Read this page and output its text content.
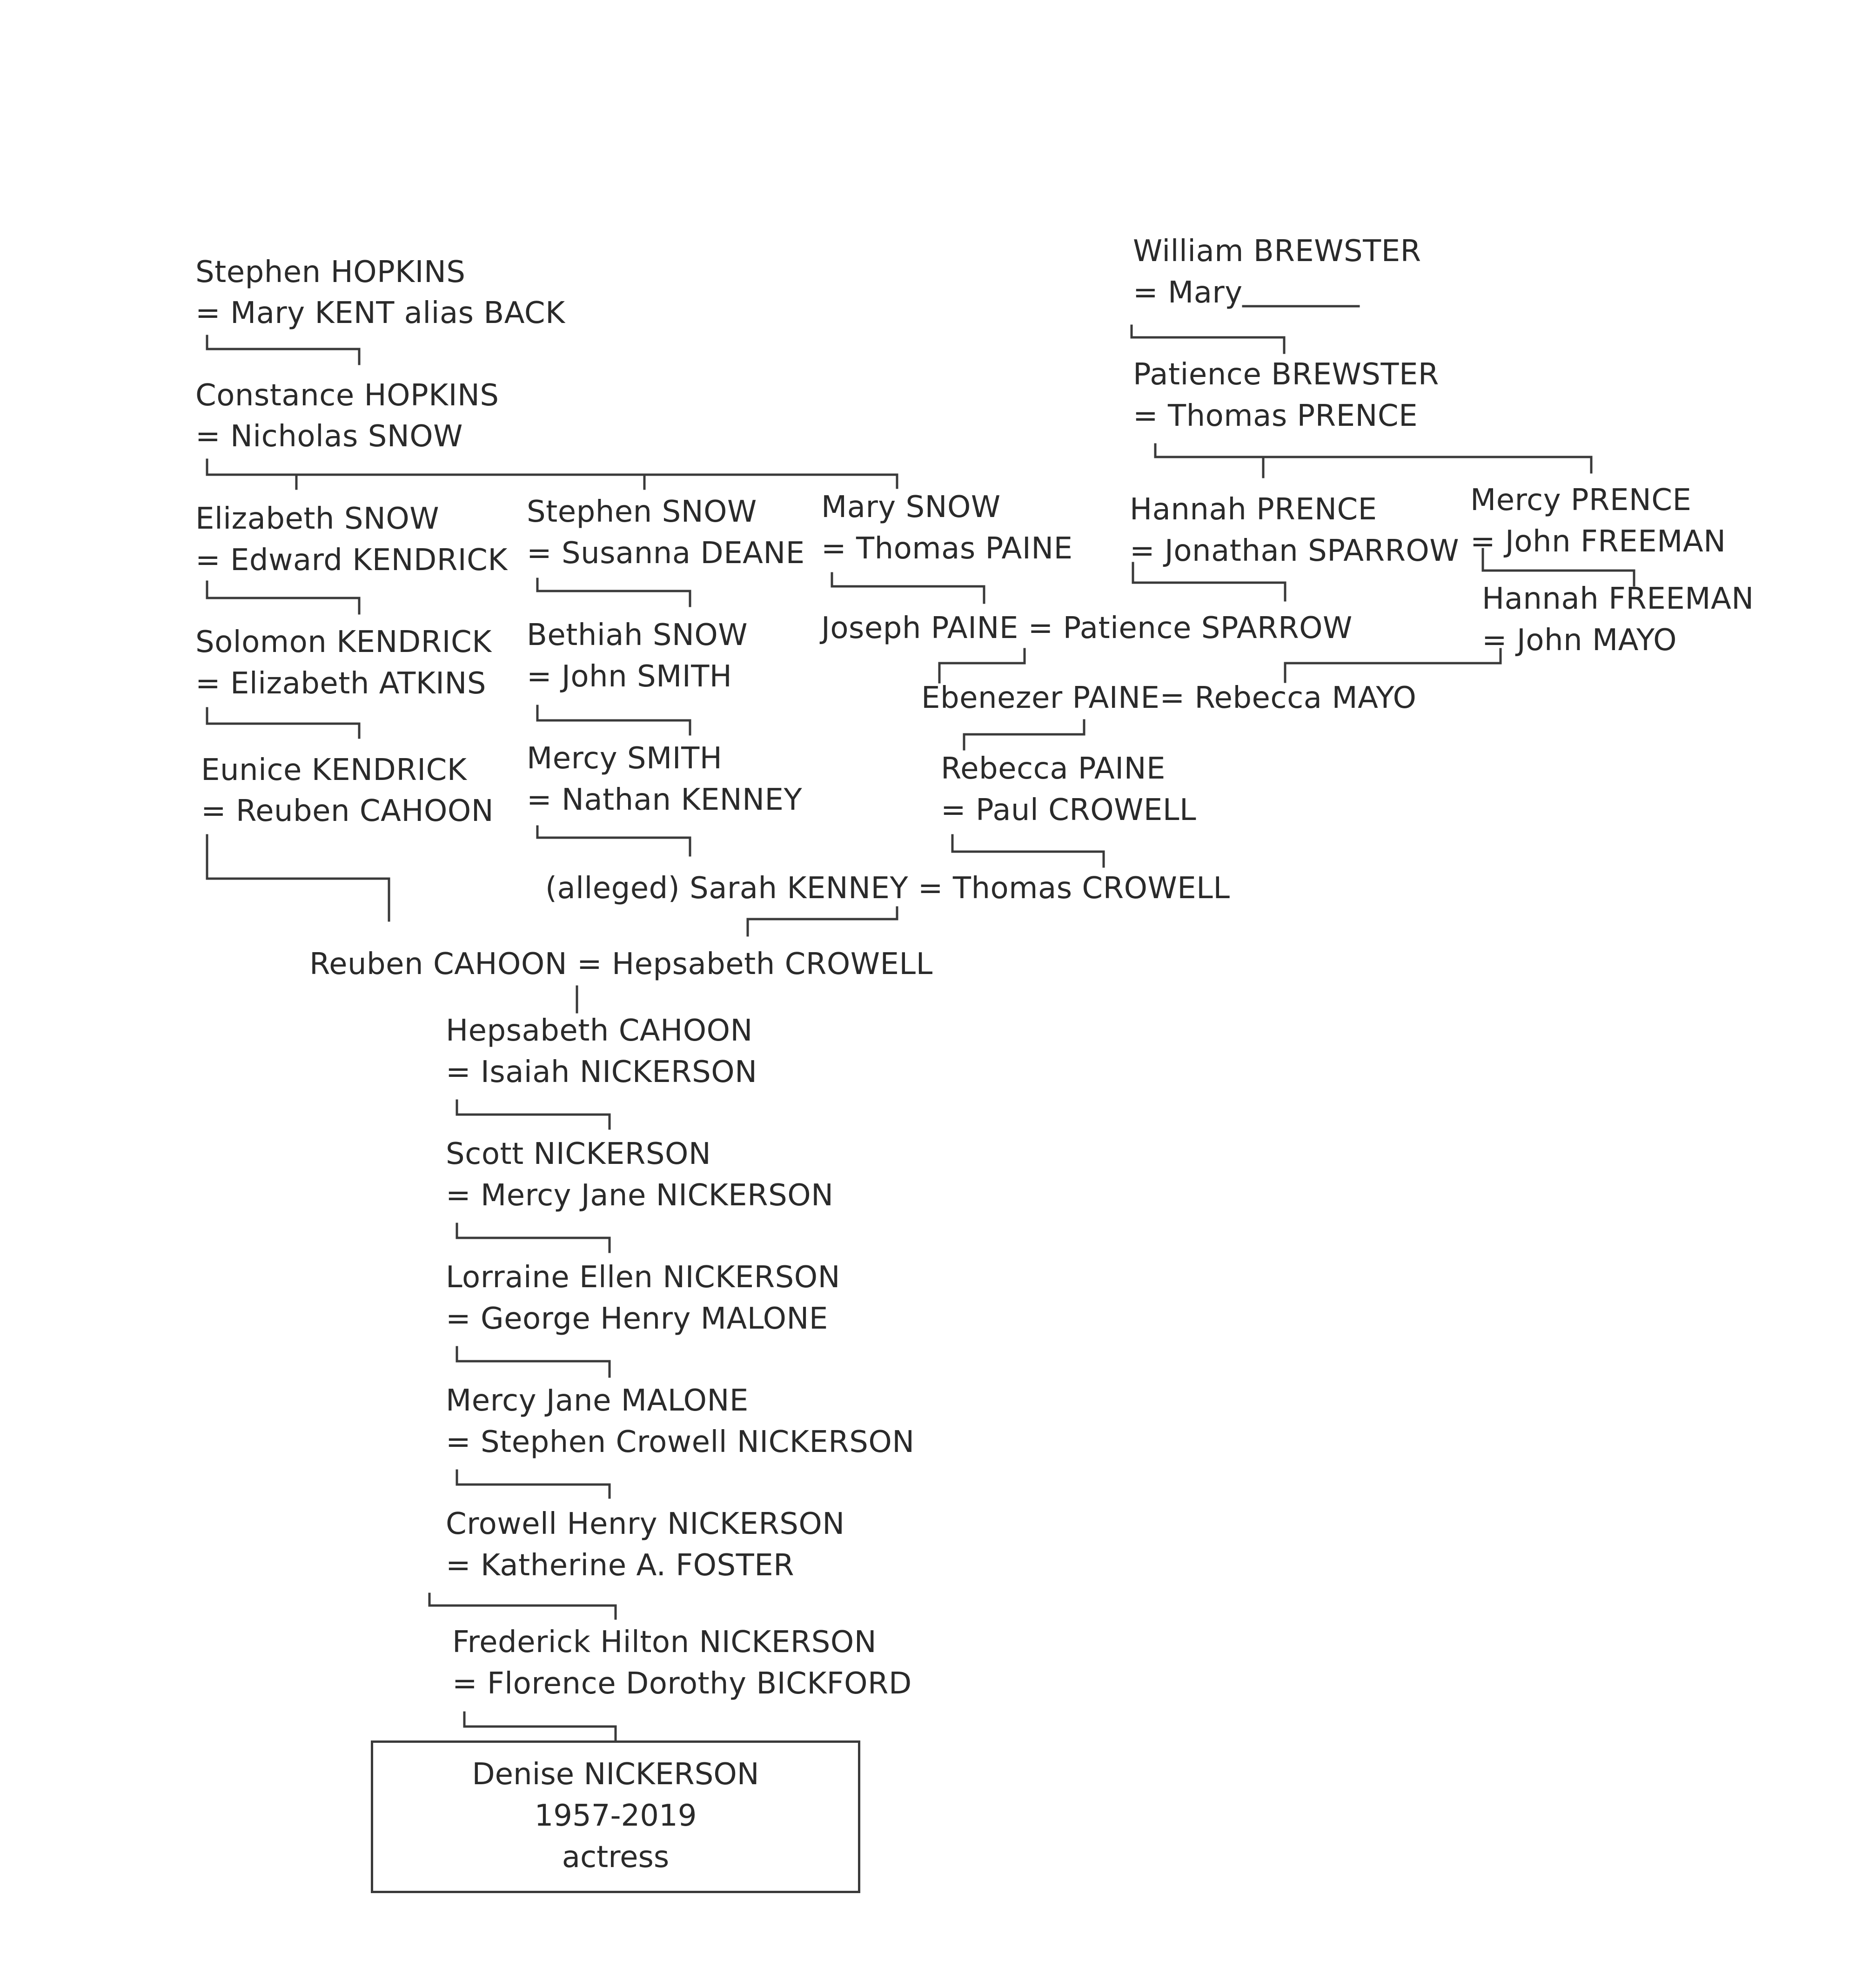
Stephen HOPKINS
= Mary KENT alias BACK
Constance HOPKINS
= Nicholas SNOW
Elizabeth SNOW
= Edward KENDRICK
Solomon KENDRICK
= Elizabeth ATKINS
Eunice KENDRICK
= Reuben CAHOON
Stephen SNOW
= Susanna DEANE
Bethiah SNOW
= John SMITH
Mercy SMITH
= Nathan KENNEY
Mary SNOW
= Thomas PAINE
William BREWSTER
= Mary
Patience BREWSTER
= Thomas PRENCE
Hannah PRENCE
= Jonathan SPARROW
Mercy PRENCE
= John FREEMAN
Hannah FREEMAN
= John MAYO
Joseph PAINE = Patience SPARROW
Ebenezer PAINE= Rebecca MAYO
Rebecca PAINE
= Paul CROWELL
(alleged) Sarah KENNEY = Thomas CROWELL
Reuben CAHOON = Hepsabeth CROWELL
Hepsabeth CAHOON
= Isaiah NICKERSON
Scott NICKERSON
= Mercy Jane NICKERSON
Lorraine Ellen NICKERSON
= George Henry MALONE
Mercy Jane MALONE
= Stephen Crowell NICKERSON
Crowell Henry NICKERSON
= Katherine A. FOSTER
Frederick Hilton NICKERSON
= Florence Dorothy BICKFORD
Denise NICKERSON
1957-2019
actress
